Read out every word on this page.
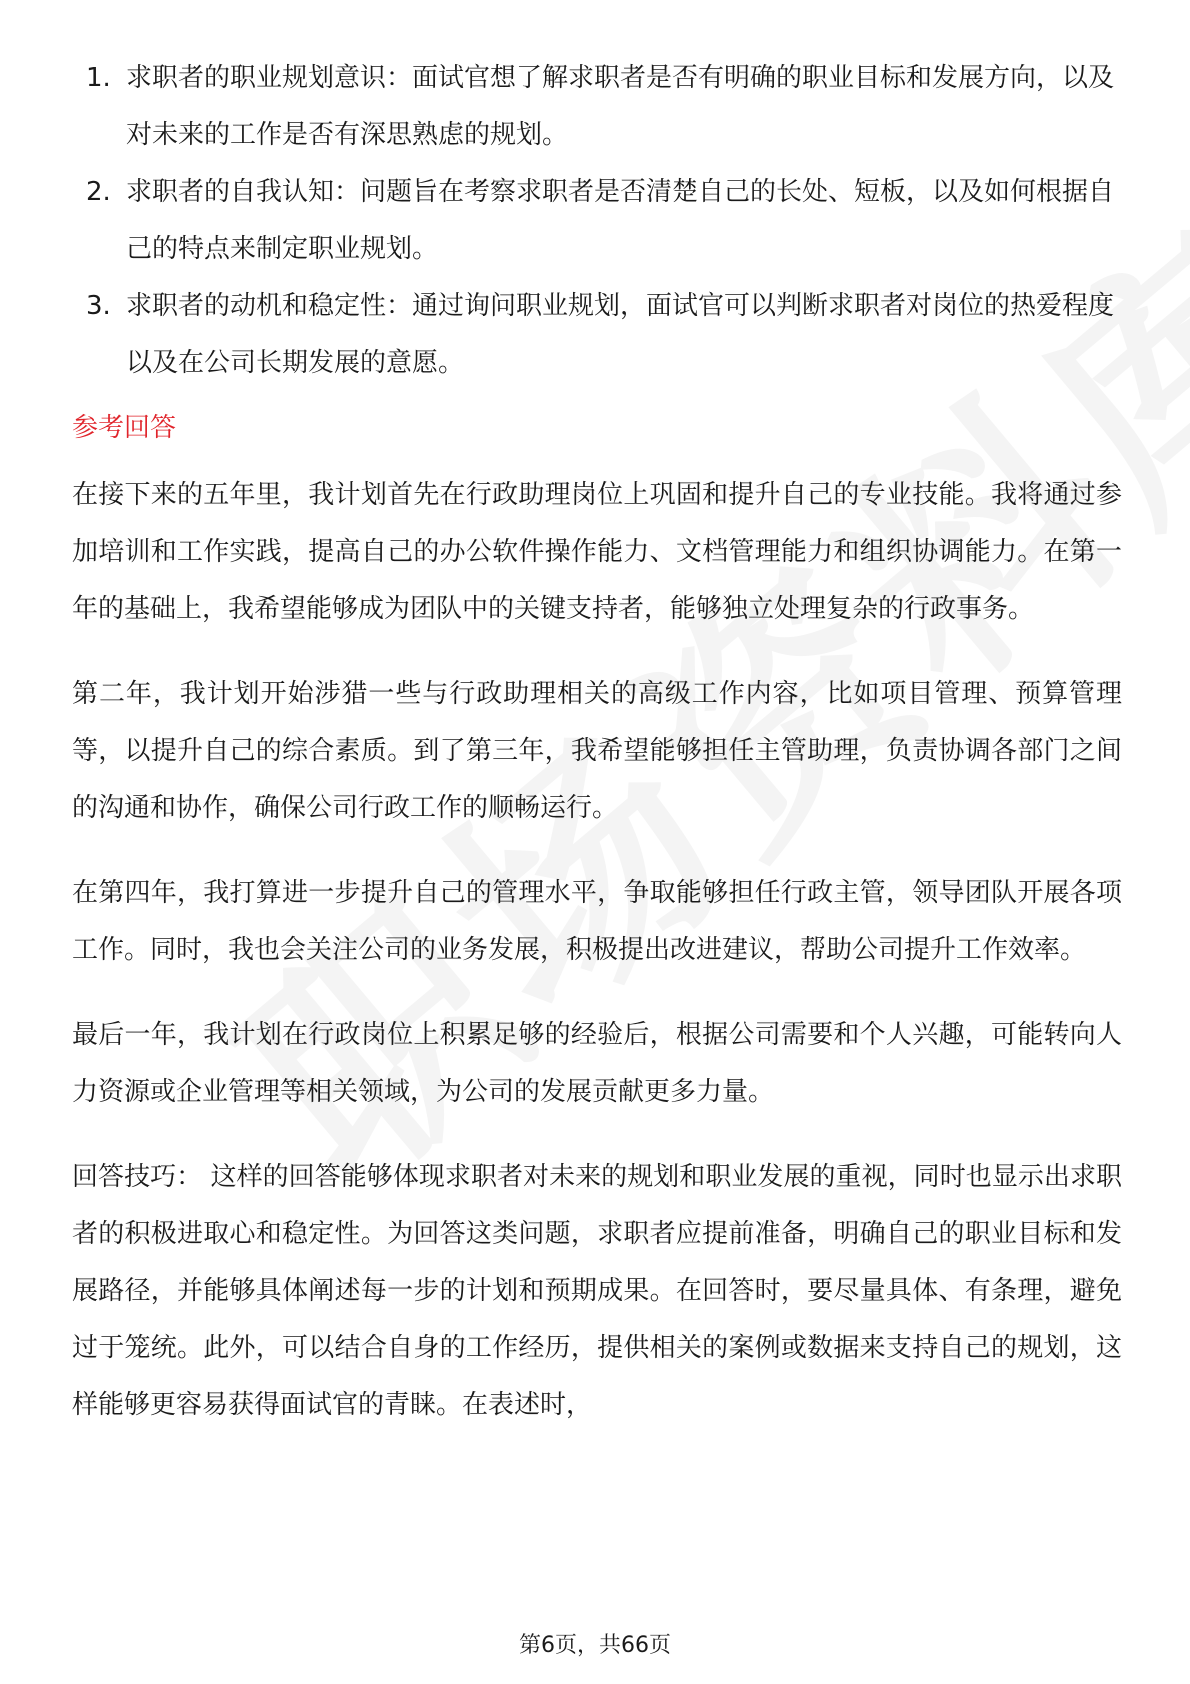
1. 求职者的职业规划意识：面试官想了解求职者是否有明确的职业目标和发展方向，以及对未来的工作是否有深思熟虑的规划。
2. 求职者的自我认知：问题旨在考察求职者是否清楚自己的长处、短板，以及如何根据自己的特点来制定职业规划。
3. 求职者的动机和稳定性：通过询问职业规划，面试官可以判断求职者对岗位的热爱程度以及在公司长期发展的意愿。
参考回答

在接下来的五年里，我计划首先在行政助理岗位上巩固和提升自己的专业技能。我将通过参加培训和工作实践，提高自己的办公软件操作能力、文档管理能力和组织协调能力。在第一年的基础上，我希望能够成为团队中的关键支持者，能够独立处理复杂的行政事务。

第二年，我计划开始涉猎一些与行政助理相关的高级工作内容，比如项目管理、预算管理等，以提升自己的综合素质。到了第三年，我希望能够担任主管助理，负责协调各部门之间的沟通和协作，确保公司行政工作的顺畅运行。

在第四年，我打算进一步提升自己的管理水平，争取能够担任行政主管，领导团队开展各项工作。同时，我也会关注公司的业务发展，积极提出改进建议，帮助公司提升工作效率。

最后一年，我计划在行政岗位上积累足够的经验后，根据公司需要和个人兴趣，可能转向人力资源或企业管理等相关领域，为公司的发展贡献更多力量。

回答技巧： 这样的回答能够体现求职者对未来的规划和职业发展的重视，同时也显示出求职者的积极进取心和稳定性。为回答这类问题，求职者应提前准备，明确自己的职业目标和发展路径，并能够具体阐述每一步的计划和预期成果。在回答时，要尽量具体、有条理，避免过于笼统。此外，可以结合自身的工作经历，提供相关的案例或数据来支持自己的规划，这样能够更容易获得面试官的青睐。在表述时，

第6页，共66页
